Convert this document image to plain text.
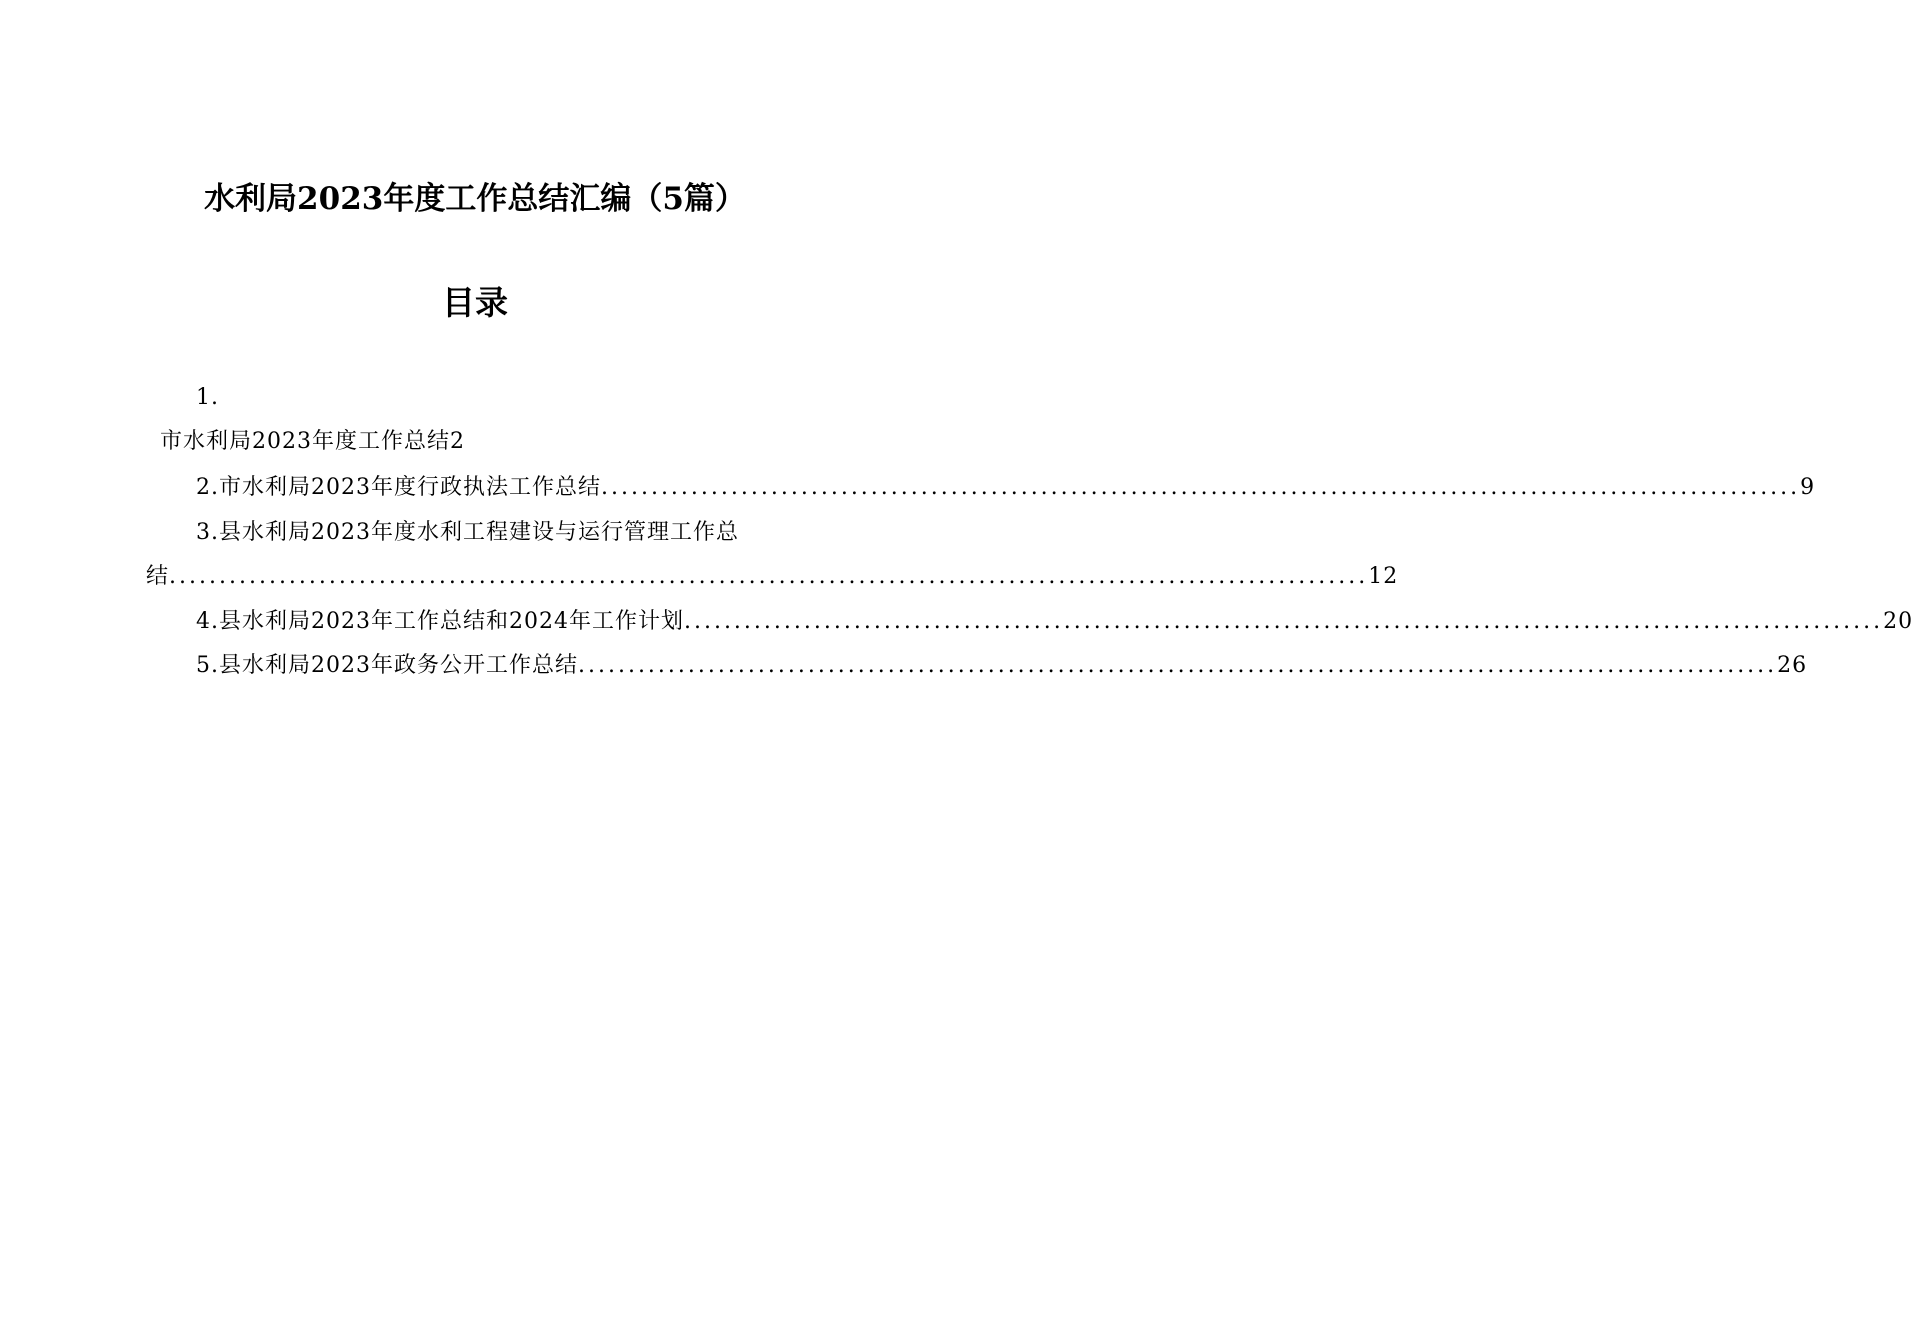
水利局2023年度工作总结汇编（5篇）
目录
1.
市水利局2023年度工作总结2
2.市水利局2023年度行政执法工作总结 ........................................................................................................................ 9
3.县水利局2023年度水利工程建设与运行管理工作总
结 ........................................................................................................................ 12
4.县水利局2023年工作总结和2024年工作计划 ........................................................................................................................ 20
5.县水利局2023年政务公开工作总结 ........................................................................................................................ 26
